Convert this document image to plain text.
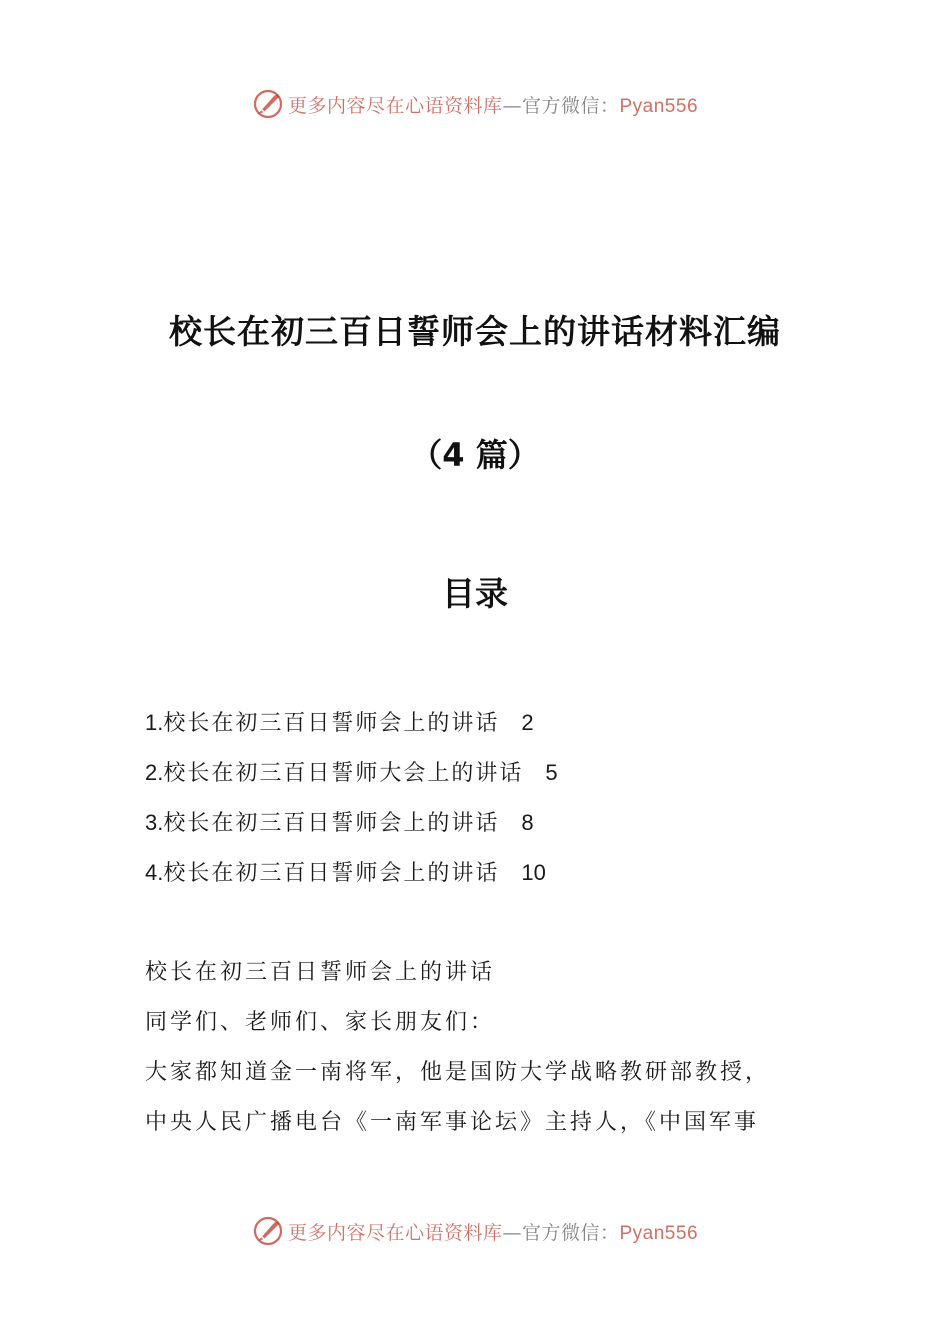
更多内容尽在心语资料库—官方微信：Pyan556
校长在初三百日誓师会上的讲话材料汇编
（4 篇）
目录
1.校长在初三百日誓师会上的讲话 2
2.校长在初三百日誓师大会上的讲话 5
3.校长在初三百日誓师会上的讲话 8
4.校长在初三百日誓师会上的讲话 10
校长在初三百日誓师会上的讲话
同学们、老师们、家长朋友们：
大家都知道金一南将军，他是国防大学战略教研部教授，
中央人民广播电台《一南军事论坛》主持人，《中国军事
更多内容尽在心语资料库—官方微信：Pyan556
